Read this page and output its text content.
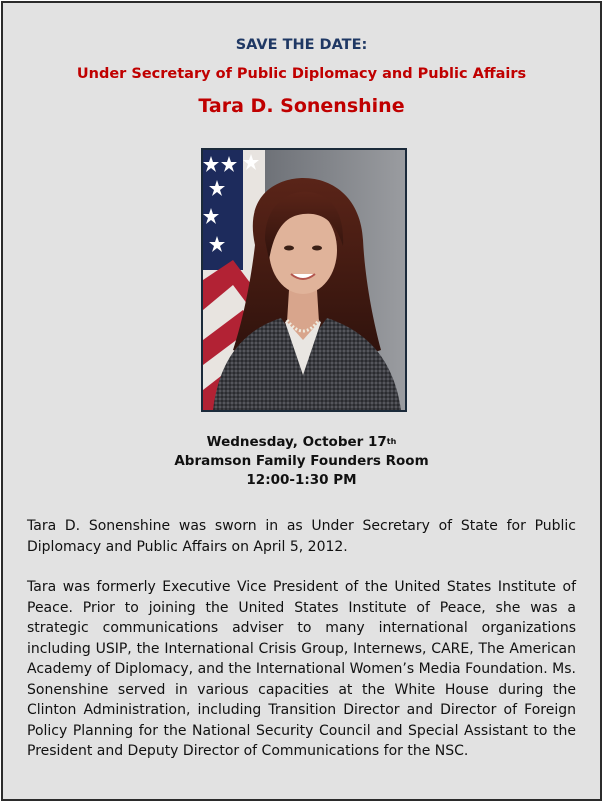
SAVE THE DATE:
Under Secretary of Public Diplomacy and Public Affairs
Tara D. Sonenshine
Wednesday, October 17th
Abramson Family Founders Room
12:00-1:30 PM

Tara D. Sonenshine was sworn in as Under Secretary of State for Public Diplomacy and Public Affairs on April 5, 2012.

Tara was formerly Executive Vice President of the United States Institute of Peace. Prior to joining the United States Institute of Peace, she was a strategic communications adviser to many international organizations including USIP, the International Crisis Group, Internews, CARE, The American Academy of Diplomacy, and the International Women’s Media Foundation. Ms. Sonenshine served in various capacities at the White House during the Clinton Administration, including Transition Director and Director of Foreign Policy Planning for the National Security Council and Special Assistant to the President and Deputy Director of Communications for the NSC.
